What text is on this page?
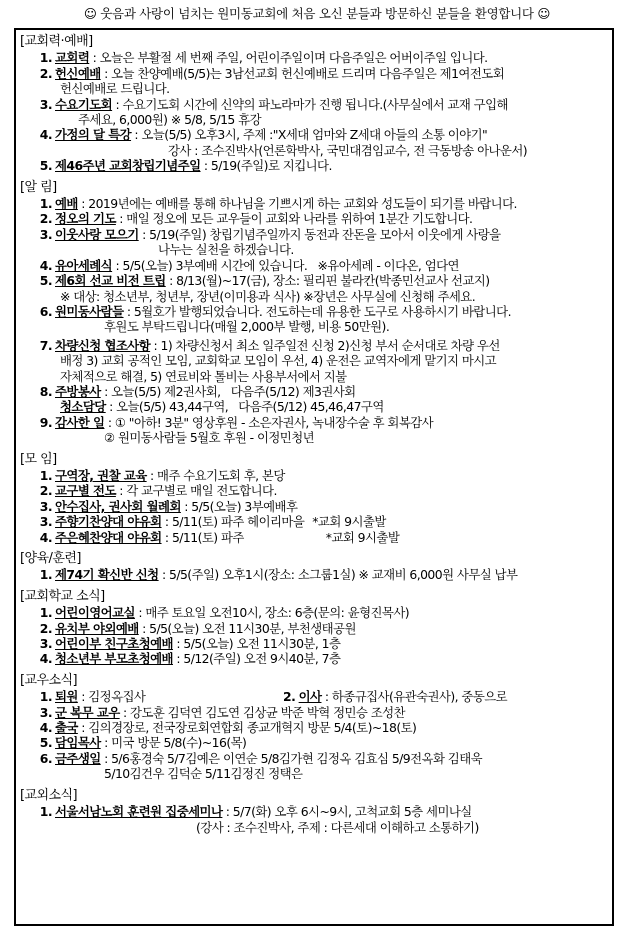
☺ 웃음과 사랑이 넘치는 원미동교회에 처음 오신 분들과 방문하신 분들을 환영합니다 ☺
[교회력·예배]
1. 교회력 : 오늘은 부활절 세 번째 주일, 어린이주일이며 다음주일은 어버이주일 입니다.
2. 헌신예배 : 오늘 찬양예배(5/5)는 3남선교회 헌신예배로 드리며 다음주일은 제1여전도회
헌신예배로 드립니다.
3. 수요기도회 : 수요기도회 시간에 신약의 파노라마가 진행 됩니다.(사무실에서 교재 구입해
주세요, 6,000원) ※ 5/8, 5/15 휴강
4. 가정의 달 특강 : 오늘(5/5) 오후3시, 주제 :"X세대 엄마와 Z세대 아들의 소통 이야기"
강사 : 조수진박사(언론학박사, 국민대겸임교수, 전 극동방송 아나운서)
5. 제46주년 교회창립기념주일 : 5/19(주일)로 지킵니다.
[알 림]
1. 예배 : 2019년에는 예배를 통해 하나님을 기쁘시게 하는 교회와 성도들이 되기를 바랍니다.
2. 정오의 기도 : 매일 정오에 모든 교우들이 교회와 나라를 위하여 1분간 기도합니다.
3. 이웃사랑 모으기 : 5/19(주일) 창립기념주일까지 동전과 잔돈을 모아서 이웃에게 사랑을
나누는 실천을 하겠습니다.
4. 유아세례식 : 5/5(오늘) 3부예배 시간에 있습니다.   ※유아세례 - 이다온, 엄다연
5. 제6회 선교 비전 트립 : 8/13(월)~17(금), 장소: 필리핀 불라칸(박종민선교사 선교지)
※ 대상: 청소년부, 청년부, 장년(이미용과 식사) ※장년은 사무실에 신청해 주세요.
6. 원미동사람들 : 5월호가 발행되었습니다. 전도하는데 유용한 도구로 사용하시기 바랍니다.
후원도 부탁드립니다(매월 2,000부 발행, 비용 50만원).
7. 차량신청 협조사항 : 1) 차량신청서 최소 일주일전 신청 2)신청 부서 순서대로 차량 우선
배정 3) 교회 공적인 모임, 교회학교 모임이 우선, 4) 운전은 교역자에게 맡기지 마시고
자체적으로 해결, 5) 연료비와 톨비는 사용부서에서 지불
8. 주방봉사 : 오늘(5/5) 제2권사회,   다음주(5/12) 제3권사회
청소담당 : 오늘(5/5) 43,44구역,   다음주(5/12) 45,46,47구역
9. 감사한 일 : ① "아하! 3분" 영상후원 - 소은자권사, 녹내장수술 후 회복감사
② 원미동사람들 5월호 후원 - 이정민청년
[모 임]
1. 구역장, 권찰 교육 : 매주 수요기도회 후, 본당
2. 교구별 전도 : 각 교구별로 매일 전도합니다.
3. 안수집사, 권사회 월례회 : 5/5(오늘) 3부예배후
3. 주향기찬양대 야유회 : 5/11(토) 파주 헤이리마을 *교회 9시출발
4. 주은혜찬양대 야유회 : 5/11(토) 파주	*교회 9시출발
[양육/훈련]
1. 제74기 확신반 신청 : 5/5(주일) 오후1시(장소: 소그룹1실) ※ 교재비 6,000원 사무실 납부
[교회학교 소식]
1. 어린이영어교실 : 매주 토요일 오전10시, 장소: 6층(문의: 윤형진목사)
2. 유치부 야외예배 : 5/5(오늘) 오전 11시30분, 부천생태공원
3. 어린이부 친구초청예배 : 5/5(오늘) 오전 11시30분, 1층
4. 청소년부 부모초청예배 : 5/12(주일) 오전 9시40분, 7층
[교우소식]
1. 퇴원 : 김정옥집사	2. 이사 : 하종규집사(유관숙권사), 중동으로
3. 군 복무 교우 : 강도훈 김덕연 김도연 김상균 박준 박혁 정민승 조성찬
4. 출국 : 김의경장로, 전국장로회연합회 종교개혁지 방문 5/4(토)~18(토)
5. 담임목사 : 미국 방문 5/8(수)~16(목)
6. 금주생일 : 5/6홍경숙 5/7김예은 이연순 5/8김가현 김정옥 김효심 5/9전옥화 김태욱
5/10김건우 김덕순 5/11김정진 정택은
[교외소식]
1. 서울서남노회 훈련원 집중세미나 : 5/7(화) 오후 6시~9시, 고척교회 5층 세미나실
(강사 : 조수진박사, 주제 : 다른세대 이해하고 소통하기)
